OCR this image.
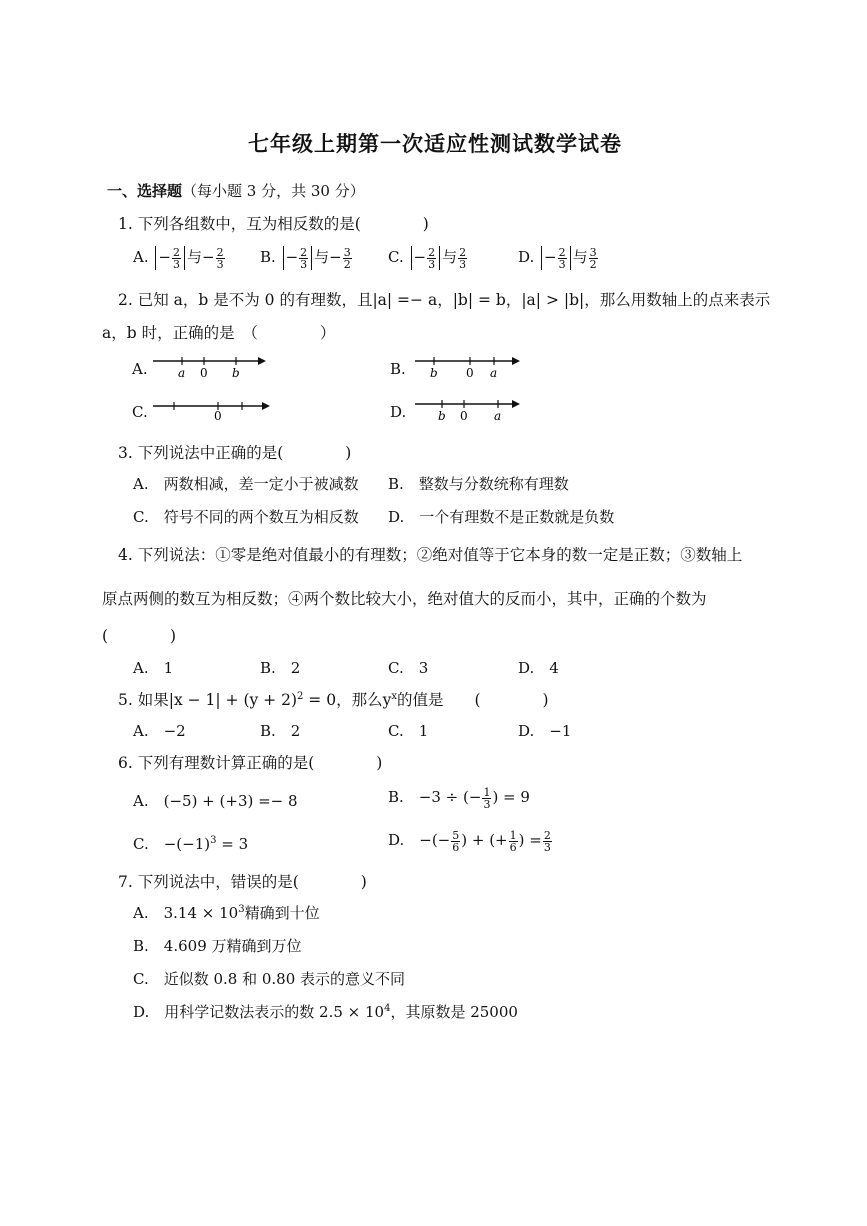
七年级上期第一次适应性测试数学试卷
一、选择题（每小题 3 分，共 30 分）
1. 下列各组数中，互为相反数的是(　　　　)
A. − $\frac{2}{3}$ 与− $\frac{2}{3} B$. − $\frac{2}{3}$ 与− $\frac{3}{2} C$. − $\frac{2}{3}$ 与 $\frac{2}{3}$	D. − $\frac{2}{3}$ 与 $\frac{3}{2}$
2. 已知 a，b 是不为 0 的有理数，且|a| =− a，|b| = b，|a| > |b|，那么用数轴上的点来表示
a，b 时，正确的是　（　　　　）
A.	a 0 b	B. b 0 a
C.	0	D.	b 0 a
3. 下列说法中正确的是(　　　　)
A.　两数相减，差一定小于被减数 B.　整数与分数统称有理数
C.　符号不同的两个数互为相反数 D.　一个有理数不是正数就是负数
4. 下列说法：①零是绝对值最小的有理数；②绝对值等于它本身的数一定是正数；③数轴上
原点两侧的数互为相反数；④两个数比较大小，绝对值大的反而小，其中，正确的个数为
(　　　　)
A.　1	B.　2	C.　3	D.　4
5. 如果$|x - 1| + (y + 2)^2 = 0$，那么$y^x$的值是　　(　　　　)
A.　−2	B.　2	C.　1	D.　−1
6. 下列有理数计算正确的是(　　　　)
A.　(−5) + (+3) =− 8	B.　−3 ÷ (− $\frac{1}{3}$ ) = 9
C.　$-(-1)^3 = 3$	D.　−(− $\frac{5}{6}$ ) + (+ $\frac{1}{6}$ ) = $\frac{2}{3}$
7. 下列说法中，错误的是(　　　　)
A.　$3.14 \times 10^3$精确到十位
B.　4.609 万精确到万位
C.　近似数 0.8 和 0.80 表示的意义不同
D.　用科学记数法表示的数 $2.5 \times 10^4$，其原数是 25000
